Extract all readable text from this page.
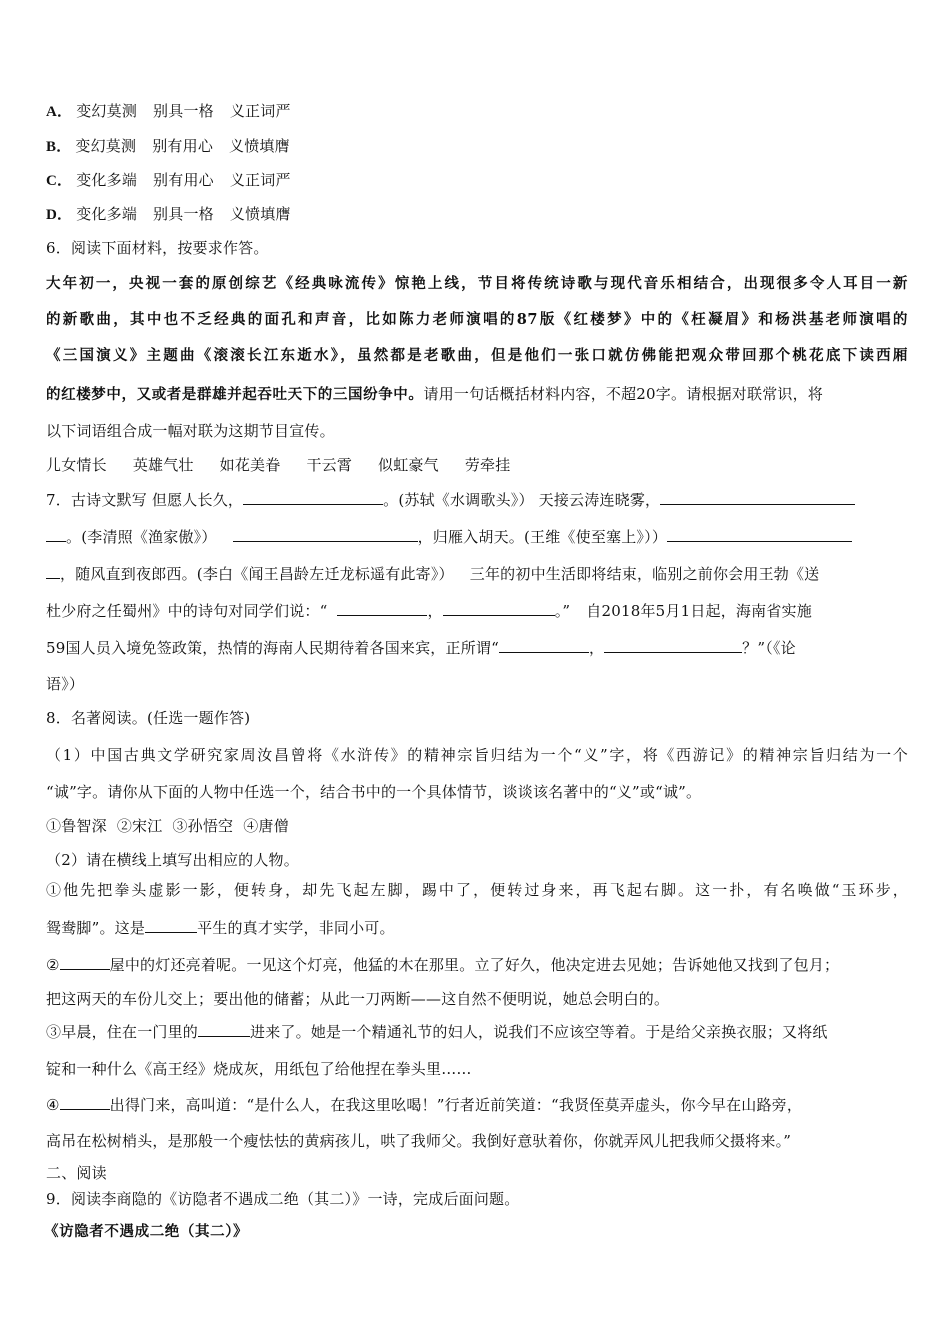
A． 变幻莫测 别具一格 义正词严
B． 变幻莫测 别有用心 义愤填膺
C． 变化多端 别有用心 义正词严
D． 变化多端 别具一格 义愤填膺
6．阅读下面材料，按要求作答。
大年初一，央视一套的原创综艺《经典咏流传》惊艳上线，节目将传统诗歌与现代音乐相结合，出现很多令人耳目一新
的新歌曲，其中也不乏经典的面孔和声音，比如陈力老师演唱的87版《红楼梦》中的《枉凝眉》和杨洪基老师演唱的
《三国演义》主题曲《滚滚长江东逝水》，虽然都是老歌曲，但是他们一张口就仿佛能把观众带回那个桃花底下读西厢
的红楼梦中，又或者是群雄并起吞吐天下的三国纷争中。请用一句话概括材料内容，不超20字。请根据对联常识，将
以下词语组合成一幅对联为这期节目宣传。
儿女情长 英雄气壮 如花美眷 干云霄 似虹豪气 劳牵挂
7．古诗文默写 但愿人长久，	。(苏轼《水调歌头》） 天接云涛连晓雾，
。(李清照《渔家傲》）	，归雁入胡天。(王维《使至塞上》））
，随风直到夜郎西。(李白《闻王昌龄左迁龙标遥有此寄》） 三年的初中生活即将结束，临别之前你会用王勃《送
杜少府之任蜀州》中的诗句对同学们说：“	，	。” 自2018年5月1日起，海南省实施
59国人员入境免签政策，热情的海南人民期待着各国来宾，正所谓“	，	？”（《论
语》）
8．名著阅读。(任选一题作答)
（1）中国古典文学研究家周汝昌曾将《水浒传》的精神宗旨归结为一个“义”字，将《西游记》的精神宗旨归结为一个
“诚”字。请你从下面的人物中任选一个，结合书中的一个具体情节，谈谈该名著中的“义”或“诚”。
①鲁智深 ②宋江 ③孙悟空 ④唐僧
（2）请在横线上填写出相应的人物。
①他先把拳头虚影一影，便转身，却先飞起左脚，踢中了，便转过身来，再飞起右脚。这一扑，有名唤做“玉环步，
鸳鸯脚”。这是	平生的真才实学，非同小可。
②	屋中的灯还亮着呢。一见这个灯亮，他猛的木在那里。立了好久，他决定进去见她；告诉她他又找到了包月；
把这两天的车份儿交上；要出他的储蓄；从此一刀两断——这自然不便明说，她总会明白的。
③早晨，住在一门里的	进来了。她是一个精通礼节的妇人，说我们不应该空等着。于是给父亲换衣服；又将纸
锭和一种什么《高王经》烧成灰，用纸包了给他捏在拳头里……
④	出得门来，高叫道：“是什么人，在我这里吆喝！”行者近前笑道：“我贤侄莫弄虚头，你今早在山路旁，
高吊在松树梢头，是那般一个瘦怯怯的黄病孩儿，哄了我师父。我倒好意驮着你，你就弄风儿把我师父摄将来。”
二、阅读
9．阅读李商隐的《访隐者不遇成二绝（其二）》一诗，完成后面问题。
《访隐者不遇成二绝（其二）》
